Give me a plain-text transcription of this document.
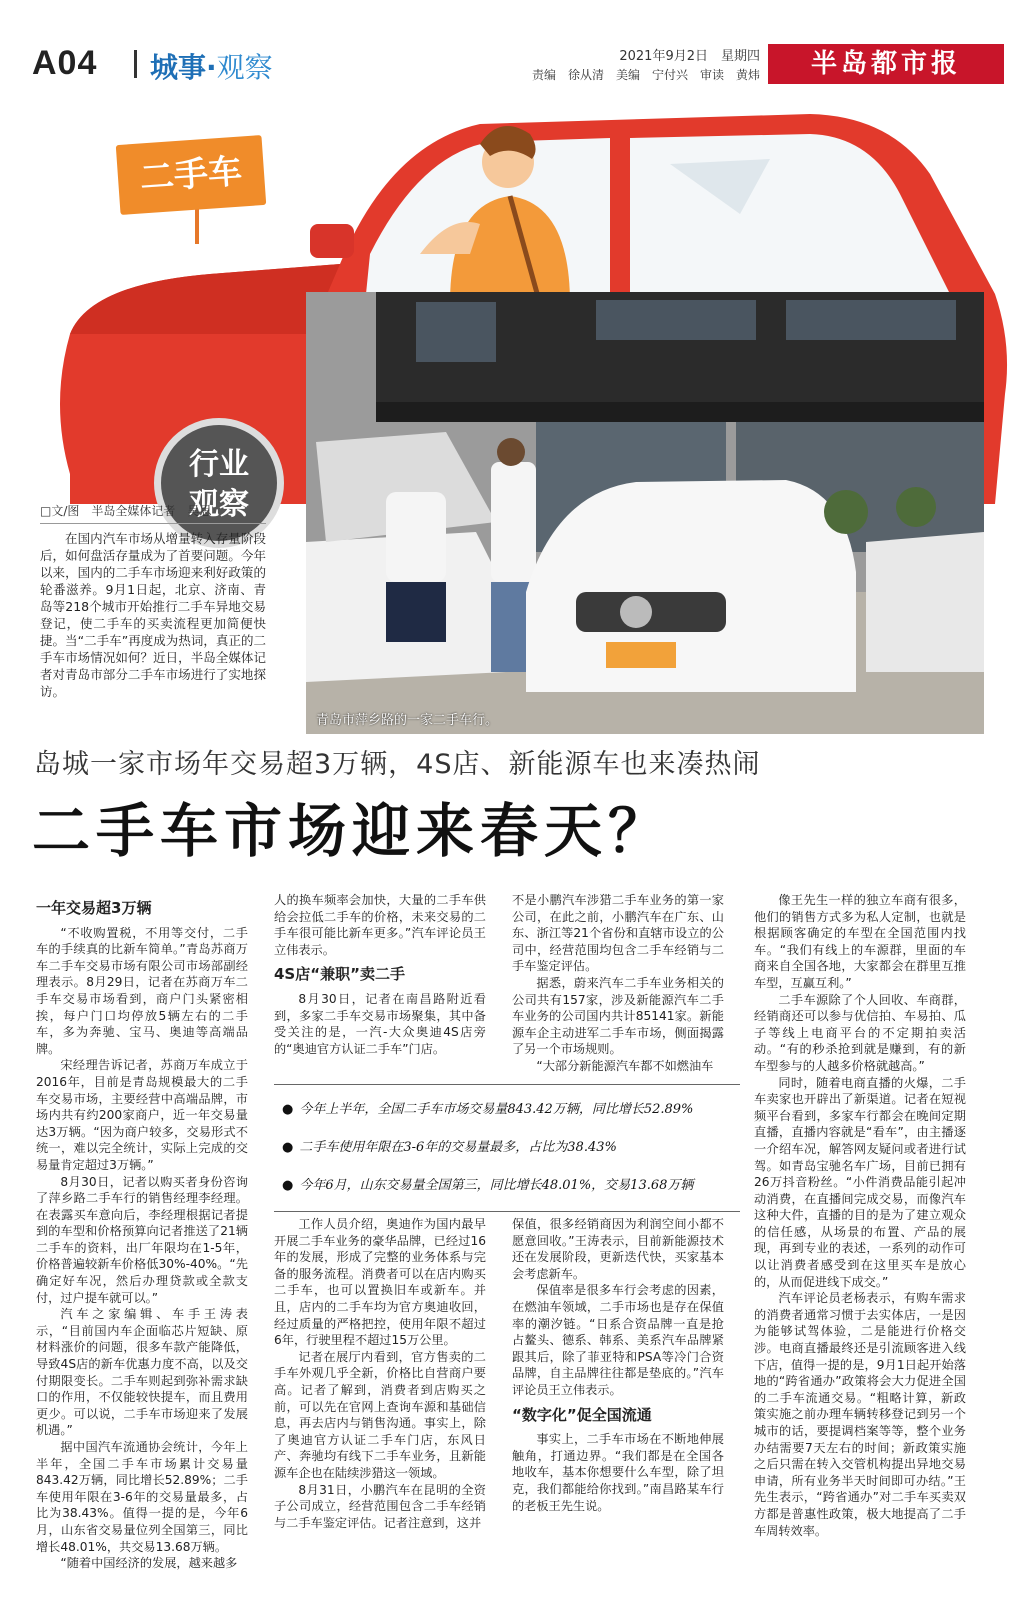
A04 城事·观察	2021年9月2日　星期四
责编　徐从清　美编　宁付兴　审读　黄炜	半岛都市报
二手车
青岛市萍乡路的一家二手车行。
行业
观察
□文/图　半岛全媒体记者　吴思
在国内汽车市场从增量转入存量阶段后，如何盘活存量成为了首要问题。今年以来，国内的二手车市场迎来利好政策的轮番滋养。9月1日起，北京、济南、青岛等218个城市开始推行二手车异地交易登记，使二手车的买卖流程更加简便快捷。当“二手车”再度成为热词，真正的二手车市场情况如何？近日，半岛全媒体记者对青岛市部分二手车市场进行了实地探访。
岛城一家市场年交易超3万辆，4S店、新能源车也来凑热闹
二手车市场迎来春天？
一年交易超3万辆

“不收购置税，不用等交付，二手车的手续真的比新车简单。”青岛苏商万车二手车交易市场有限公司市场部副经理表示。8月29日，记者在苏商万车二手车交易市场看到，商户门头紧密相挨，每户门口均停放5辆左右的二手车，多为奔驰、宝马、奥迪等高端品牌。

宋经理告诉记者，苏商万车成立于2016年，目前是青岛规模最大的二手车交易市场，主要经营中高端品牌，市场内共有约200家商户，近一年交易量达3万辆。“因为商户较多，交易形式不统一，难以完全统计，实际上完成的交易量肯定超过3万辆。”

8月30日，记者以购买者身份咨询了萍乡路二手车行的销售经理李经理。在表露买车意向后，李经理根据记者提到的车型和价格预算向记者推送了21辆二手车的资料，出厂年限均在1-5年，价格普遍较新车价格低30%-40%。“先确定好车况，然后办理贷款或全款支付，过户提车就可以。”

汽车之家编辑、车手王涛表示，“目前国内车企面临芯片短缺、原材料涨价的问题，很多车款产能降低，导致4S店的新车优惠力度不高，以及交付期限变长。二手车则起到弥补需求缺口的作用，不仅能较快提车，而且费用更少。可以说，二手车市场迎来了发展机遇。”

据中国汽车流通协会统计，今年上半年，全国二手车市场累计交易量843.42万辆，同比增长52.89%；二手车使用年限在3-6年的交易量最多，占比为38.43%。值得一提的是，今年6月，山东省交易量位列全国第三，同比增长48.01%，共交易13.68万辆。

“随着中国经济的发展，越来越多

人的换车频率会加快，大量的二手车供给会拉低二手车的价格，未来交易的二手车很可能比新车更多。”汽车评论员王立伟表示。

4S店“兼职”卖二手

8月30日，记者在南昌路附近看到，多家二手车交易市场聚集，其中备受关注的是，一汽-大众奥迪4S店旁的“奥迪官方认证二手车”门店。

不是小鹏汽车涉猎二手车业务的第一家公司，在此之前，小鹏汽车在广东、山东、浙江等21个省份和直辖市设立的公司中，经营范围均包含二手车经销与二手车鉴定评估。

据悉，蔚来汽车二手车业务相关的公司共有157家，涉及新能源汽车二手车业务的公司国内共计85141家。新能源车企主动进军二手车市场，侧面揭露了另一个市场规则。

“大部分新能源汽车都不如燃油车

● 今年上半年，全国二手车市场交易量843.42万辆，同比增长52.89%
● 二手车使用年限在3-6年的交易量最多，占比为38.43%
● 今年6月，山东交易量全国第三，同比增长48.01%，交易13.68万辆

工作人员介绍，奥迪作为国内最早开展二手车业务的豪华品牌，已经过16年的发展，形成了完整的业务体系与完备的服务流程。消费者可以在店内购买二手车，也可以置换旧车或新车。并且，店内的二手车均为官方奥迪收回，经过质量的严格把控，使用年限不超过6年，行驶里程不超过15万公里。

记者在展厅内看到，官方售卖的二手车外观几乎全新，价格比自营商户要高。记者了解到，消费者到店购买之前，可以先在官网上查询车源和基础信息，再去店内与销售沟通。事实上，除了奥迪官方认证二手车门店，东风日产、奔驰均有线下二手车业务，且新能源车企也在陆续涉猎这一领域。

8月31日，小鹏汽车在昆明的全资子公司成立，经营范围包含二手车经销与二手车鉴定评估。记者注意到，这并

保值，很多经销商因为利润空间小都不愿意回收。”王涛表示，目前新能源技术还在发展阶段，更新迭代快，买家基本会考虑新车。

保值率是很多车行会考虑的因素，在燃油车领域，二手市场也是存在保值率的潮汐链。“日系合资品牌一直是抢占鳌头、德系、韩系、美系汽车品牌紧跟其后，除了菲亚特和PSA等冷门合资品牌，自主品牌往往都是垫底的。”汽车评论员王立伟表示。

“数字化”促全国流通

事实上，二手车市场在不断地伸展触角，打通边界。“我们都是在全国各地收车，基本你想要什么车型，除了坦克，我们都能给你找到。”南昌路某车行的老板王先生说。

像王先生一样的独立车商有很多，他们的销售方式多为私人定制，也就是根据顾客确定的车型在全国范围内找车。“我们有线上的车源群，里面的车商来自全国各地，大家都会在群里互推车型，互赢互利。”

二手车源除了个人回收、车商群，经销商还可以参与优信拍、车易拍、瓜子等线上电商平台的不定期拍卖活动。“有的秒杀抢到就是赚到，有的新车型参与的人越多价格就越高。”

同时，随着电商直播的火爆，二手车卖家也开辟出了新渠道。记者在短视频平台看到，多家车行都会在晚间定期直播，直播内容就是“看车”，由主播逐一介绍车况，解答网友疑问或者进行试驾。如青岛宝驰名车广场，目前已拥有26万抖音粉丝。“小件消费品能引起冲动消费，在直播间完成交易，而像汽车这种大件，直播的目的是为了建立观众的信任感，从场景的布置、产品的展现，再到专业的表述，一系列的动作可以让消费者感受到在这里买车是放心的，从而促进线下成交。”

汽车评论员老杨表示，有购车需求的消费者通常习惯于去实体店，一是因为能够试驾体验，二是能进行价格交涉。电商直播最终还是引流顾客进入线下店，值得一提的是，9月1日起开始落地的“跨省通办”政策将会大力促进全国的二手车流通交易。“粗略计算，新政策实施之前办理车辆转移登记到另一个城市的话，要提调档案等等，整个业务办结需要7天左右的时间；新政策实施之后只需在转入交管机构提出异地交易申请，所有业务半天时间即可办结。”王先生表示，“跨省通办”对二手车买卖双方都是普惠性政策，极大地提高了二手车周转效率。
